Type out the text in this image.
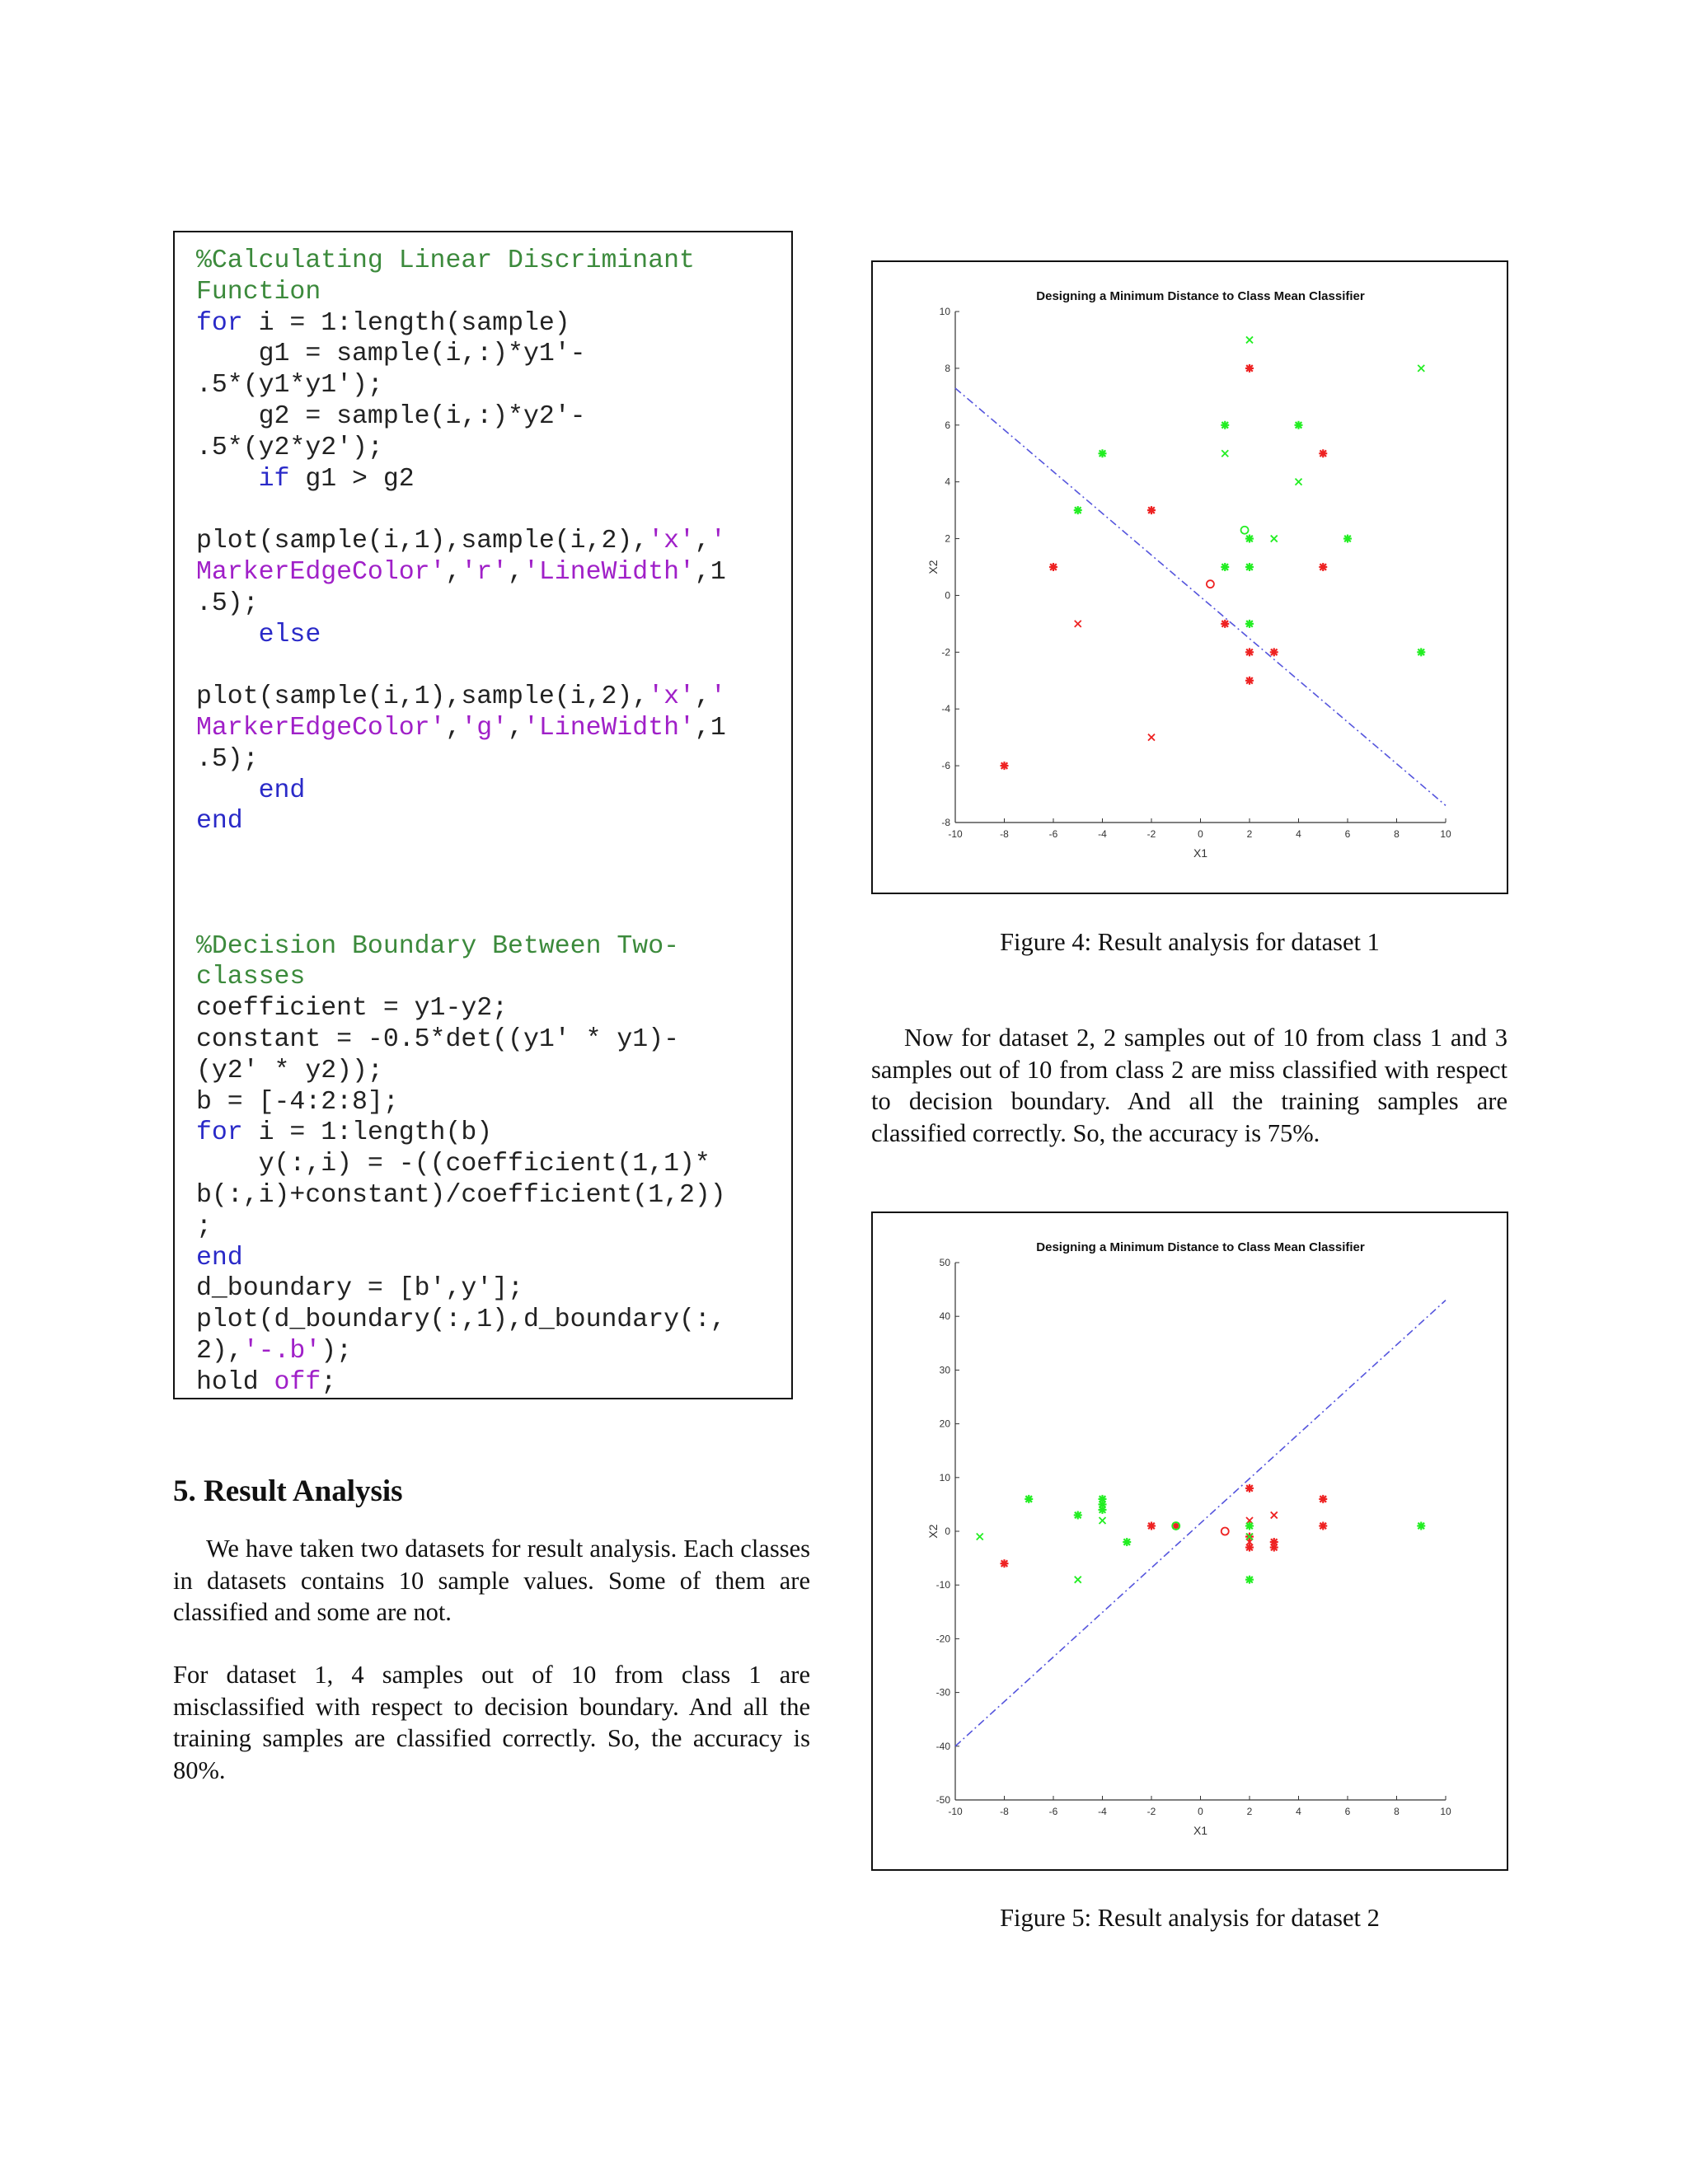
%Calculating Linear Discriminant
Function
for i = 1:length(sample)
g1 = sample(i,:)*y1'-
.5*(y1*y1');
g2 = sample(i,:)*y2'-
.5*(y2*y2');
if g1 > g2

plot(sample(i,1),sample(i,2),'x','
MarkerEdgeColor','r','LineWidth',1
.5);
else

plot(sample(i,1),sample(i,2),'x','
MarkerEdgeColor','g','LineWidth',1
.5);
end
end

%Decision Boundary Between Two-
classes
coefficient = y1-y2;
constant = -0.5*det((y1' * y1)-
(y2' * y2));
b = [-4:2:8];
for i = 1:length(b)
y(:,i) = -((coefficient(1,1)*
b(:,i)+constant)/coefficient(1,2))
;
end
d_boundary = [b',y'];
plot(d_boundary(:,1),d_boundary(:,
2),'-.b');
hold off;

Designing a Minimum Distance to Class Mean Classifier
-10	-8	-6	-4	-2	0	2	4	6	8	10
-8
-6
-4
-2
0
2
4
6
8
10
X1
X2

Figure 4: Result analysis for dataset 1

Now for dataset 2, 2 samples out of 10 from class 1 and 3 samples out of 10 from class 2 are miss classified with respect to decision boundary. And all the training samples are classified correctly. So, the accuracy is 75%.

Designing a Minimum Distance to Class Mean Classifier
-10	-8	-6	-4	-2	0	2	4	6	8	10
-50
-40
-30
-20
-10
0
10
20
30
40
50
X1
X2

Figure 5: Result analysis for dataset 2

5. Result Analysis

We have taken two datasets for result analysis. Each classes in datasets contains 10 sample values. Some of them are classified and some are not.

For dataset 1, 4 samples out of 10 from class 1 are misclassified with respect to decision boundary. And all the training samples are classified correctly. So, the accuracy is 80%.
